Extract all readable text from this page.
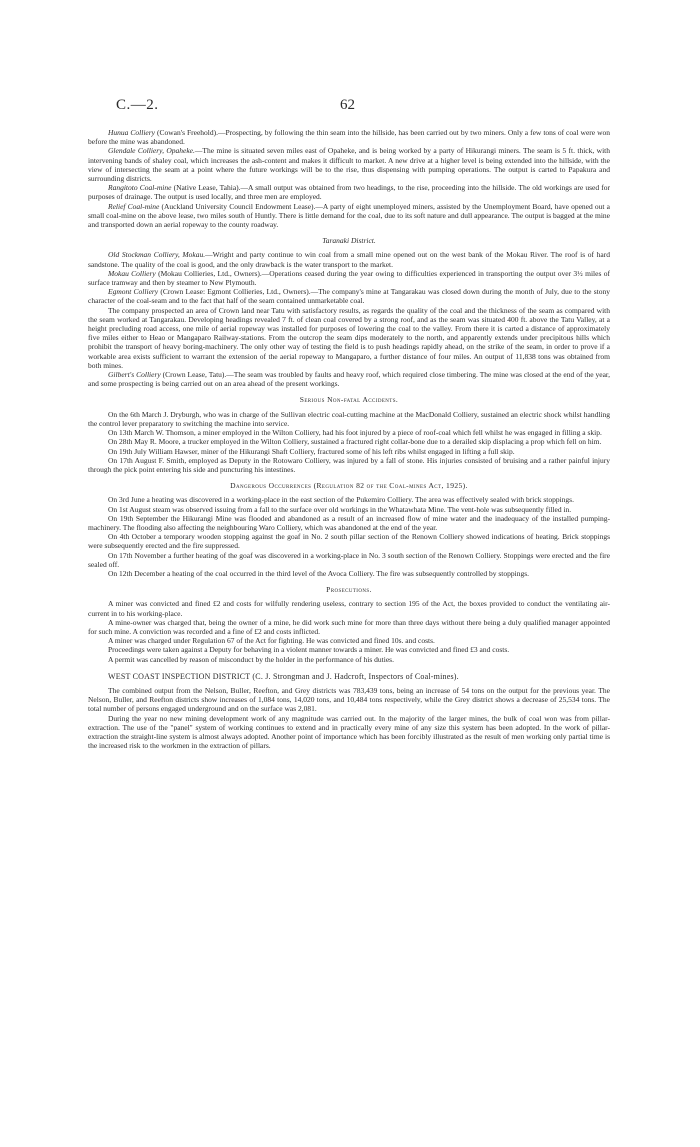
C.—2.	62

Hunua Colliery (Cowan's Freehold).—Prospecting, by following the thin seam into the hillside, has been carried out by two miners. Only a few tons of coal were won before the mine was abandoned.

Glendale Colliery, Opaheke.—The mine is situated seven miles east of Opaheke, and is being worked by a party of Hikurangi miners. The seam is 5 ft. thick, with intervening bands of shaley coal, which increases the ash-content and makes it difficult to market. A new drive at a higher level is being extended into the hillside, with the view of intersecting the seam at a point where the future workings will be to the rise, thus dispensing with pumping operations. The output is carted to Papakura and surrounding districts.

Rangitoto Coal-mine (Native Lease, Tahia).—A small output was obtained from two headings, to the rise, proceeding into the hillside. The old workings are used for purposes of drainage. The output is used locally, and three men are employed.

Relief Coal-mine (Auckland University Council Endowment Lease).—A party of eight unemployed miners, assisted by the Unemployment Board, have opened out a small coal-mine on the above lease, two miles south of Huntly. There is little demand for the coal, due to its soft nature and dull appearance. The output is bagged at the mine and transported down an aerial ropeway to the county roadway.

Taranaki District.

Old Stockman Colliery, Mokau.—Wright and party continue to win coal from a small mine opened out on the west bank of the Mokau River. The roof is of hard sandstone. The quality of the coal is good, and the only drawback is the water transport to the market.

Mokau Colliery (Mokau Collieries, Ltd., Owners).—Operations ceased during the year owing to difficulties experienced in transporting the output over 3½ miles of surface tramway and then by steamer to New Plymouth.

Egmont Colliery (Crown Lease: Egmont Collieries, Ltd., Owners).—The company's mine at Tangarakau was closed down during the month of July, due to the stony character of the coal-seam and to the fact that half of the seam contained unmarketable coal.

The company prospected an area of Crown land near Tatu with satisfactory results, as regards the quality of the coal and the thickness of the seam as compared with the seam worked at Tangarakau. Developing headings revealed 7 ft. of clean coal covered by a strong roof, and as the seam was situated 400 ft. above the Tatu Valley, at a height precluding road access, one mile of aerial ropeway was installed for purposes of lowering the coal to the valley. From there it is carted a distance of approximately five miles either to Heao or Mangaparo Railway-stations. From the outcrop the seam dips moderately to the north, and apparently extends under precipitous hills which prohibit the transport of heavy boring-machinery. The only other way of testing the field is to push headings rapidly ahead, on the strike of the seam, in order to prove if a workable area exists sufficient to warrant the extension of the aerial ropeway to Mangaparo, a further distance of four miles. An output of 11,838 tons was obtained from both mines.

Gilbert's Colliery (Crown Lease, Tatu).—The seam was troubled by faults and heavy roof, which required close timbering. The mine was closed at the end of the year, and some prospecting is being carried out on an area ahead of the present workings.

Serious Non-fatal Accidents.

On the 6th March J. Dryburgh, who was in charge of the Sullivan electric coal-cutting machine at the MacDonald Colliery, sustained an electric shock whilst handling the control lever preparatory to switching the machine into service.

On 13th March W. Thomson, a miner employed in the Wilton Colliery, had his foot injured by a piece of roof-coal which fell whilst he was engaged in filling a skip.

On 28th May R. Moore, a trucker employed in the Wilton Colliery, sustained a fractured right collar-bone due to a derailed skip displacing a prop which fell on him.

On 19th July William Hawser, miner of the Hikurangi Shaft Colliery, fractured some of his left ribs whilst engaged in lifting a full skip.

On 17th August F. Smith, employed as Deputy in the Rotowaro Colliery, was injured by a fall of stone. His injuries consisted of bruising and a rather painful injury through the pick point entering his side and puncturing his intestines.

Dangerous Occurrences (Regulation 82 of the Coal-mines Act, 1925).

On 3rd June a heating was discovered in a working-place in the east section of the Pukemiro Colliery. The area was effectively sealed with brick stoppings.

On 1st August steam was observed issuing from a fall to the surface over old workings in the Whatawhata Mine. The vent-hole was subsequently filled in.

On 19th September the Hikurangi Mine was flooded and abandoned as a result of an increased flow of mine water and the inadequacy of the installed pumping-machinery. The flooding also affecting the neighbouring Waro Colliery, which was abandoned at the end of the year.

On 4th October a temporary wooden stopping against the goaf in No. 2 south pillar section of the Renown Colliery showed indications of heating. Brick stoppings were subsequently erected and the fire suppressed.

On 17th November a further heating of the goaf was discovered in a working-place in No. 3 south section of the Renown Colliery. Stoppings were erected and the fire sealed off.

On 12th December a heating of the coal occurred in the third level of the Avoca Colliery. The fire was subsequently controlled by stoppings.

Prosecutions.

A miner was convicted and fined £2 and costs for wilfully rendering useless, contrary to section 195 of the Act, the boxes provided to conduct the ventilating air-current in to his working-place.

A mine-owner was charged that, being the owner of a mine, he did work such mine for more than three days without there being a duly qualified manager appointed for such mine. A conviction was recorded and a fine of £2 and costs inflicted.

A miner was charged under Regulation 67 of the Act for fighting. He was convicted and fined 10s. and costs.

Proceedings were taken against a Deputy for behaving in a violent manner towards a miner. He was convicted and fined £3 and costs.

A permit was cancelled by reason of misconduct by the holder in the performance of his duties.

WEST COAST INSPECTION DISTRICT (C. J. Strongman and J. Hadcroft, Inspectors of Coal-mines).

The combined output from the Nelson, Buller, Reefton, and Grey districts was 783,439 tons, being an increase of 54 tons on the output for the previous year. The Nelson, Buller, and Reefton districts show increases of 1,084 tons, 14,020 tons, and 10,484 tons respectively, while the Grey district shows a decrease of 25,534 tons. The total number of persons engaged underground and on the surface was 2,081.

During the year no new mining development work of any magnitude was carried out. In the majority of the larger mines, the bulk of coal won was from pillar-extraction. The use of the "panel" system of working continues to extend and in practically every mine of any size this system has been adopted. In the work of pillar-extraction the straight-line system is almost always adopted. Another point of importance which has been forcibly illustrated as the result of men working only partial time is the increased risk to the workmen in the extraction of pillars.
